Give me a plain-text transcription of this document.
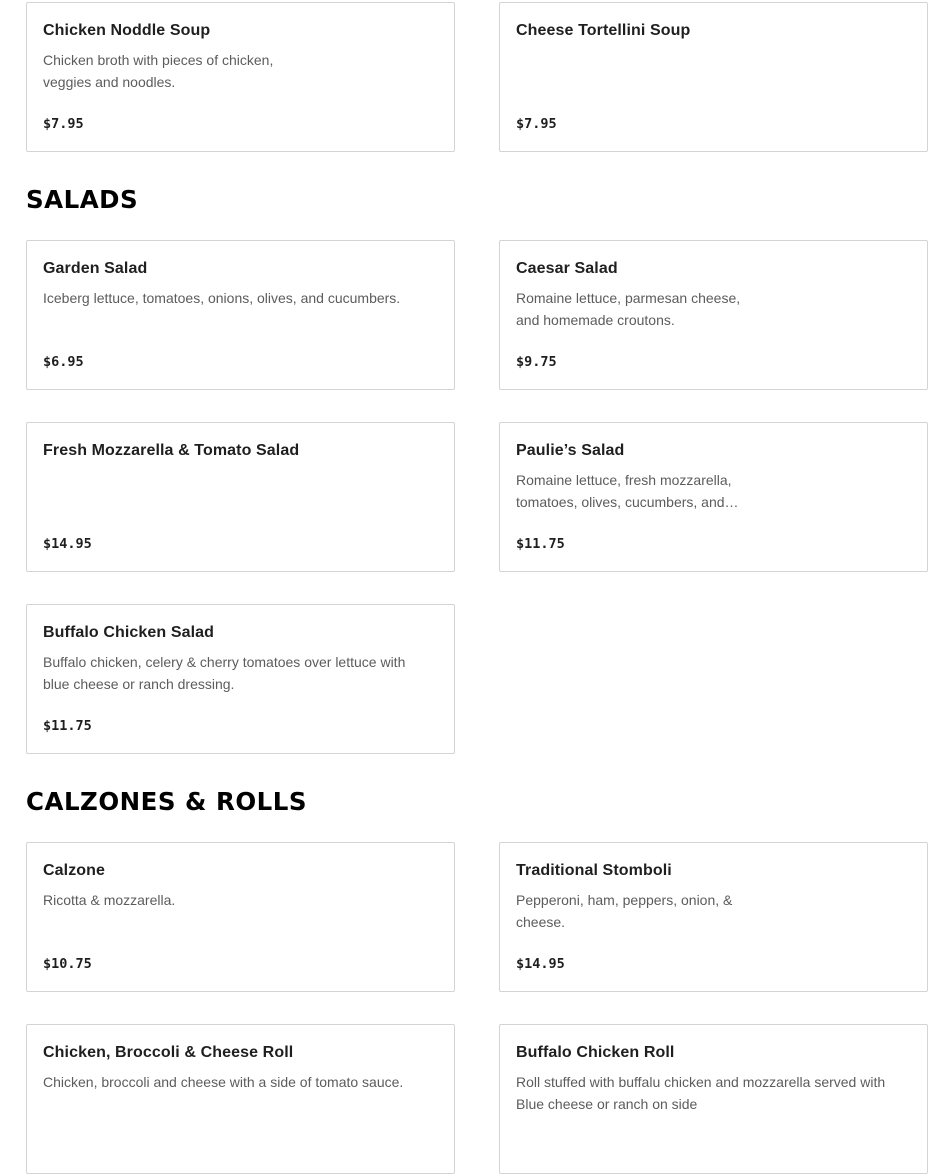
Chicken Noddle Soup
Chicken broth with pieces of chicken, veggies and noodles.
$7.95
Cheese Tortellini Soup
$7.95
SALADS
Garden Salad
Iceberg lettuce, tomatoes, onions, olives, and cucumbers.
$6.95
Caesar Salad
Romaine lettuce, parmesan cheese, and homemade croutons.
$9.75
Fresh Mozzarella & Tomato Salad
$14.95
Paulie’s Salad
Romaine lettuce, fresh mozzarella, tomatoes, olives, cucumbers, and…
$11.75
Buffalo Chicken Salad
Buffalo chicken, celery & cherry tomatoes over lettuce with blue cheese or ranch dressing.
$11.75
CALZONES & ROLLS
Calzone
Ricotta & mozzarella.
$10.75
Traditional Stomboli
Pepperoni, ham, peppers, onion, & cheese.
$14.95
Chicken, Broccoli & Cheese Roll
Chicken, broccoli and cheese with a side of tomato sauce.
Buffalo Chicken Roll
Roll stuffed with buffalu chicken and mozzarella served with Blue cheese or ranch on side
